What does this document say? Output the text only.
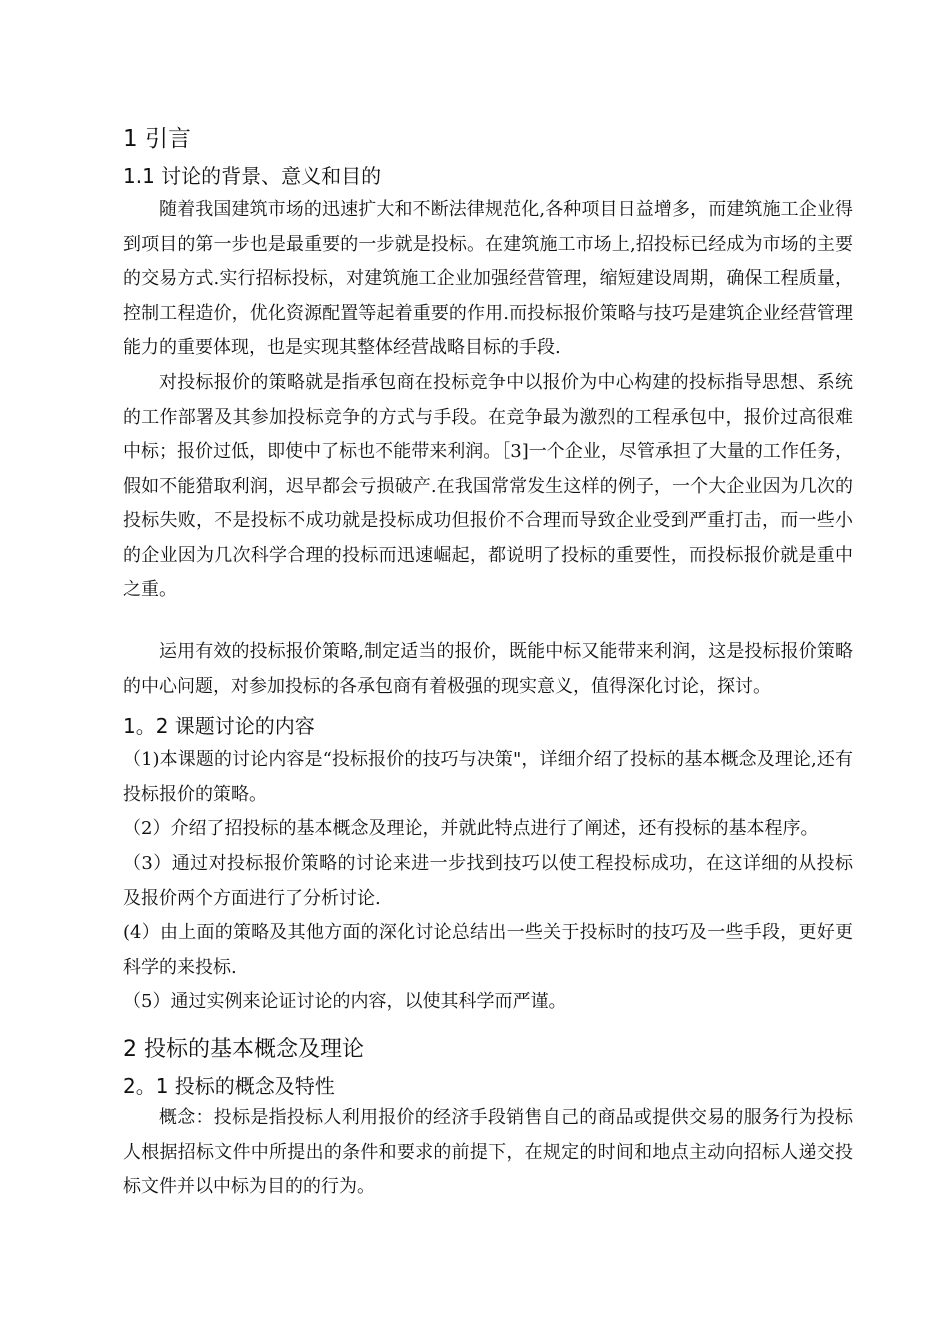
1 引言
1.1 讨论的背景、意义和目的

随着我国建筑市场的迅速扩大和不断法律规范化,各种项目日益增多，而建筑施工企业得到项目的第一步也是最重要的一步就是投标。在建筑施工市场上,招投标已经成为市场的主要的交易方式.实行招标投标，对建筑施工企业加强经营管理，缩短建设周期，确保工程质量，控制工程造价，优化资源配置等起着重要的作用.而投标报价策略与技巧是建筑企业经营管理能力的重要体现，也是实现其整体经营战略目标的手段.

对投标报价的策略就是指承包商在投标竞争中以报价为中心构建的投标指导思想、系统的工作部署及其参加投标竞争的方式与手段。在竞争最为激烈的工程承包中，报价过高很难中标；报价过低，即使中了标也不能带来利润。［3]一个企业，尽管承担了大量的工作任务，假如不能猎取利润，迟早都会亏损破产.在我国常常发生这样的例子，一个大企业因为几次的投标失败，不是投标不成功就是投标成功但报价不合理而导致企业受到严重打击，而一些小的企业因为几次科学合理的投标而迅速崛起，都说明了投标的重要性，而投标报价就是重中之重。

运用有效的投标报价策略,制定适当的报价，既能中标又能带来利润，这是投标报价策略的中心问题，对参加投标的各承包商有着极强的现实意义，值得深化讨论，探讨。

1。2 课题讨论的内容

（1)本课题的讨论内容是“投标报价的技巧与决策"，详细介绍了投标的基本概念及理论,还有投标报价的策略。

（2）介绍了招投标的基本概念及理论，并就此特点进行了阐述，还有投标的基本程序。

（3）通过对投标报价策略的讨论来进一步找到技巧以使工程投标成功，在这详细的从投标及报价两个方面进行了分析讨论.

(4）由上面的策略及其他方面的深化讨论总结出一些关于投标时的技巧及一些手段，更好更科学的来投标.

（5）通过实例来论证讨论的内容，以使其科学而严谨。

2 投标的基本概念及理论
2。1 投标的概念及特性

概念：投标是指投标人利用报价的经济手段销售自己的商品或提供交易的服务行为投标人根据招标文件中所提出的条件和要求的前提下，在规定的时间和地点主动向招标人递交投标文件并以中标为目的的行为。
